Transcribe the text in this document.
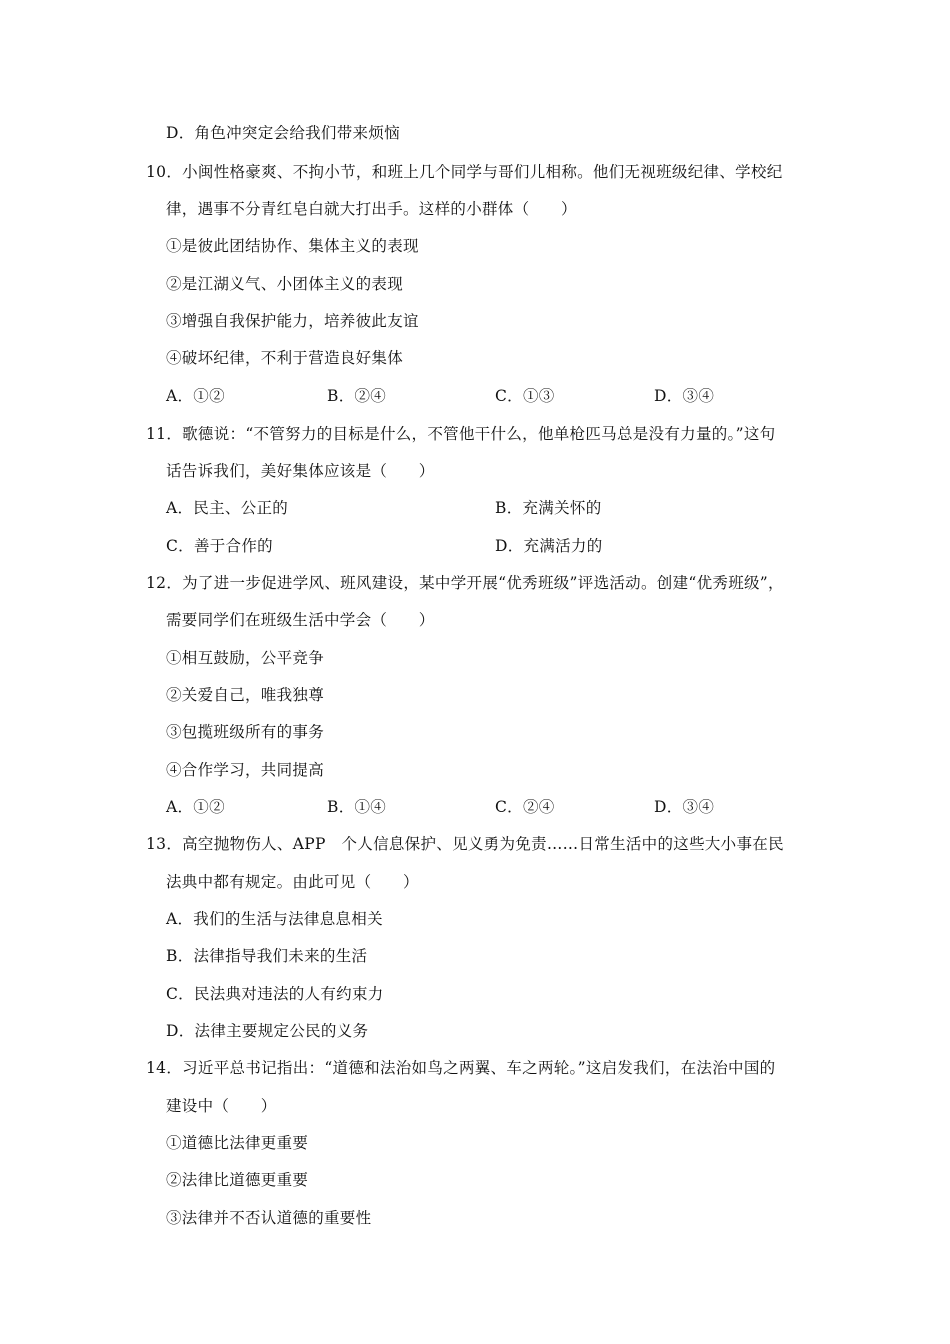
D．角色冲突定会给我们带来烦恼
10．小闽性格豪爽、不拘小节，和班上几个同学与哥们儿相称。他们无视班级纪律、学校纪
律，遇事不分青红皂白就大打出手。这样的小群体（　　）
①是彼此团结协作、集体主义的表现
②是江湖义气、小团体主义的表现
③增强自我保护能力，培养彼此友谊
④破坏纪律，不利于营造良好集体
A．①②	B．②④	C．①③	D．③④
11．歌德说：“不管努力的目标是什么，不管他干什么，他单枪匹马总是没有力量的。”这句
话告诉我们，美好集体应该是（　　）
A．民主、公正的	B．充满关怀的
C．善于合作的	D．充满活力的
12．为了进一步促进学风、班风建设，某中学开展“优秀班级”评选活动。创建“优秀班级”，
需要同学们在班级生活中学会（　　）
①相互鼓励，公平竞争
②关爱自己，唯我独尊
③包揽班级所有的事务
④合作学习，共同提高
A．①②	B．①④	C．②④	D．③④
13．高空抛物伤人、APP　个人信息保护、见义勇为免责……日常生活中的这些大小事在民
法典中都有规定。由此可见（　　）
A．我们的生活与法律息息相关
B．法律指导我们未来的生活
C．民法典对违法的人有约束力
D．法律主要规定公民的义务
14．习近平总书记指出：“道德和法治如鸟之两翼、车之两轮。”这启发我们，在法治中国的
建设中（　　）
①道德比法律更重要
②法律比道德更重要
③法律并不否认道德的重要性
